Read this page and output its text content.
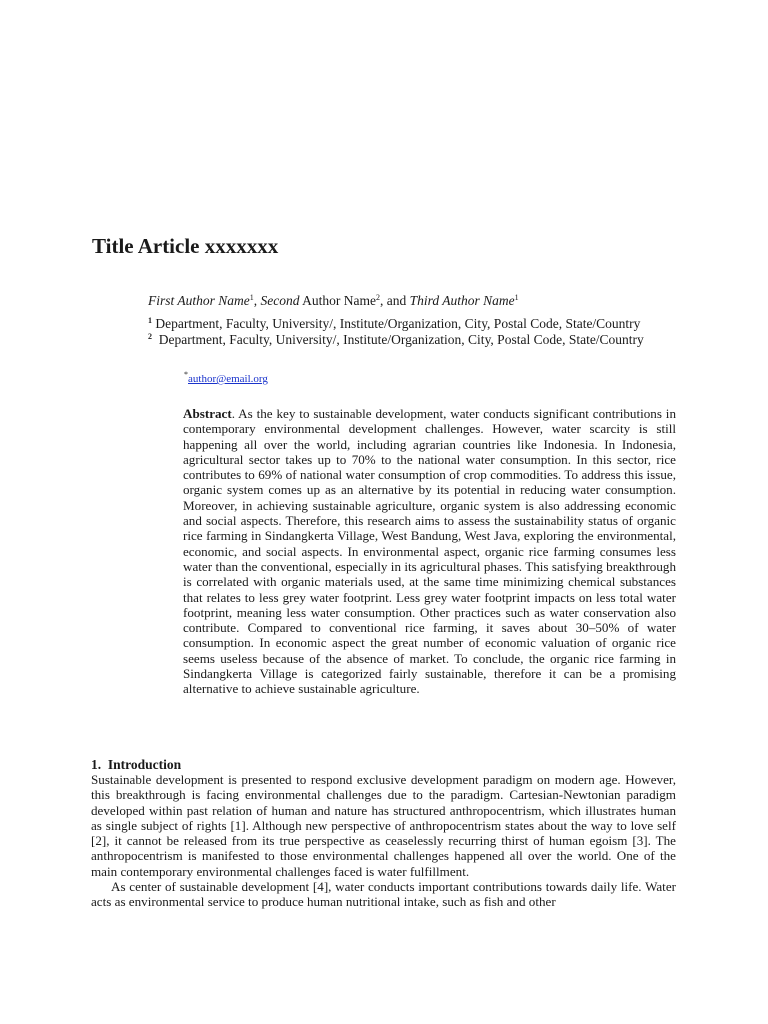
Title Article xxxxxxx
First Author Name$^1$, Second Author Name$^2$, and Third Author Name$^1$
$^1$ Department, Faculty, University/, Institute/Organization, City, Postal Code, State/Country
$^2$  Department, Faculty, University/, Institute/Organization, City, Postal Code, State/Country
*author@email.org

Abstract. As the key to sustainable development, water conducts significant contributions in contemporary environmental development challenges. However, water scarcity is still happening all over the world, including agrarian countries like Indonesia. In Indonesia, agricultural sector takes up to 70% to the national water consumption. In this sector, rice contributes to 69% of national water consumption of crop commodities. To address this issue, organic system comes up as an alternative by its potential in reducing water consumption. Moreover, in achieving sustainable agriculture, organic system is also addressing economic and social aspects. Therefore, this research aims to assess the sustainability status of organic rice farming in Sindangkerta Village, West Bandung, West Java, exploring the environmental, economic, and social aspects. In environmental aspect, organic rice farming consumes less water than the conventional, especially in its agricultural phases. This satisfying breakthrough is correlated with organic materials used, at the same time minimizing chemical substances that relates to less grey water footprint. Less grey water footprint impacts on less total water footprint, meaning less water consumption. Other practices such as water conservation also contribute. Compared to conventional rice farming, it saves about 30–50% of water consumption. In economic aspect the great number of economic valuation of organic rice seems useless because of the absence of market. To conclude, the organic rice farming in Sindangkerta Village is categorized fairly sustainable, therefore it can be a promising alternative to achieve sustainable agriculture.

1.  Introduction

Sustainable development is presented to respond exclusive development paradigm on modern age. However, this breakthrough is facing environmental challenges due to the paradigm. Cartesian-Newtonian paradigm developed within past relation of human and nature has structured anthropocentrism, which illustrates human as single subject of rights [1]. Although new perspective of anthropocentrism states about the way to love self [2], it cannot be released from its true perspective as ceaselessly recurring thirst of human egoism [3]. The anthropocentrism is manifested to those environmental challenges happened all over the world. One of the main contemporary environmental challenges faced is water fulfillment.

As center of sustainable development [4], water conducts important contributions towards daily life. Water acts as environmental service to produce human nutritional intake, such as fish and other
